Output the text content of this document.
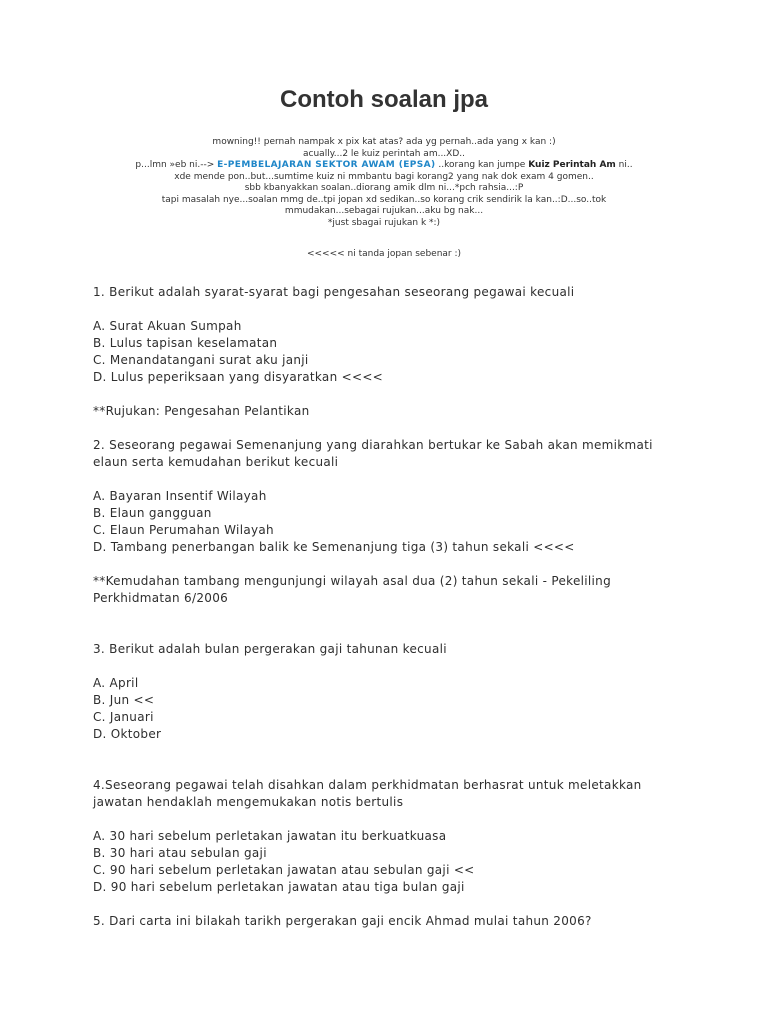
Contoh soalan jpa
mowning!! pernah nampak x pix kat atas? ada yg pernah..ada yang x kan :)
acually...2 le kuiz perintah am...XD..
p...lmn »eb ni.--> E-PEMBELAJARAN SEKTOR AWAM (EPSA) ..korang kan jumpe Kuiz Perintah Am ni..
xde mende pon..but...sumtime kuiz ni mmbantu bagi korang2 yang nak dok exam 4 gomen..
sbb kbanyakkan soalan..diorang amik dlm ni...*pch rahsia...:P
tapi masalah nye...soalan mmg de..tpi jopan xd sedikan..so korang crik sendirik la kan..:D...so..tok
mmudakan...sebagai rujukan...aku bg nak...
*just sbagai rujukan k *:)
<<<<< ni tanda jopan sebenar :)
1. Berikut adalah syarat-syarat bagi pengesahan seseorang pegawai kecuali
A. Surat Akuan Sumpah
B. Lulus tapisan keselamatan
C. Menandatangani surat aku janji
D. Lulus peperiksaan yang disyaratkan <<<<
**Rujukan: Pengesahan Pelantikan
2. Seseorang pegawai Semenanjung yang diarahkan bertukar ke Sabah akan memikmati
elaun serta kemudahan berikut kecuali
A. Bayaran Insentif Wilayah
B. Elaun gangguan
C. Elaun Perumahan Wilayah
D. Tambang penerbangan balik ke Semenanjung tiga (3) tahun sekali <<<<
**Kemudahan tambang mengunjungi wilayah asal dua (2) tahun sekali - Pekeliling
Perkhidmatan 6/2006
3. Berikut adalah bulan pergerakan gaji tahunan kecuali
A. April
B. Jun <<
C. Januari
D. Oktober
4.Seseorang pegawai telah disahkan dalam perkhidmatan berhasrat untuk meletakkan
jawatan hendaklah mengemukakan notis bertulis
A. 30 hari sebelum perletakan jawatan itu berkuatkuasa
B. 30 hari atau sebulan gaji
C. 90 hari sebelum perletakan jawatan atau sebulan gaji <<
D. 90 hari sebelum perletakan jawatan atau tiga bulan gaji
5. Dari carta ini bilakah tarikh pergerakan gaji encik Ahmad mulai tahun 2006?
